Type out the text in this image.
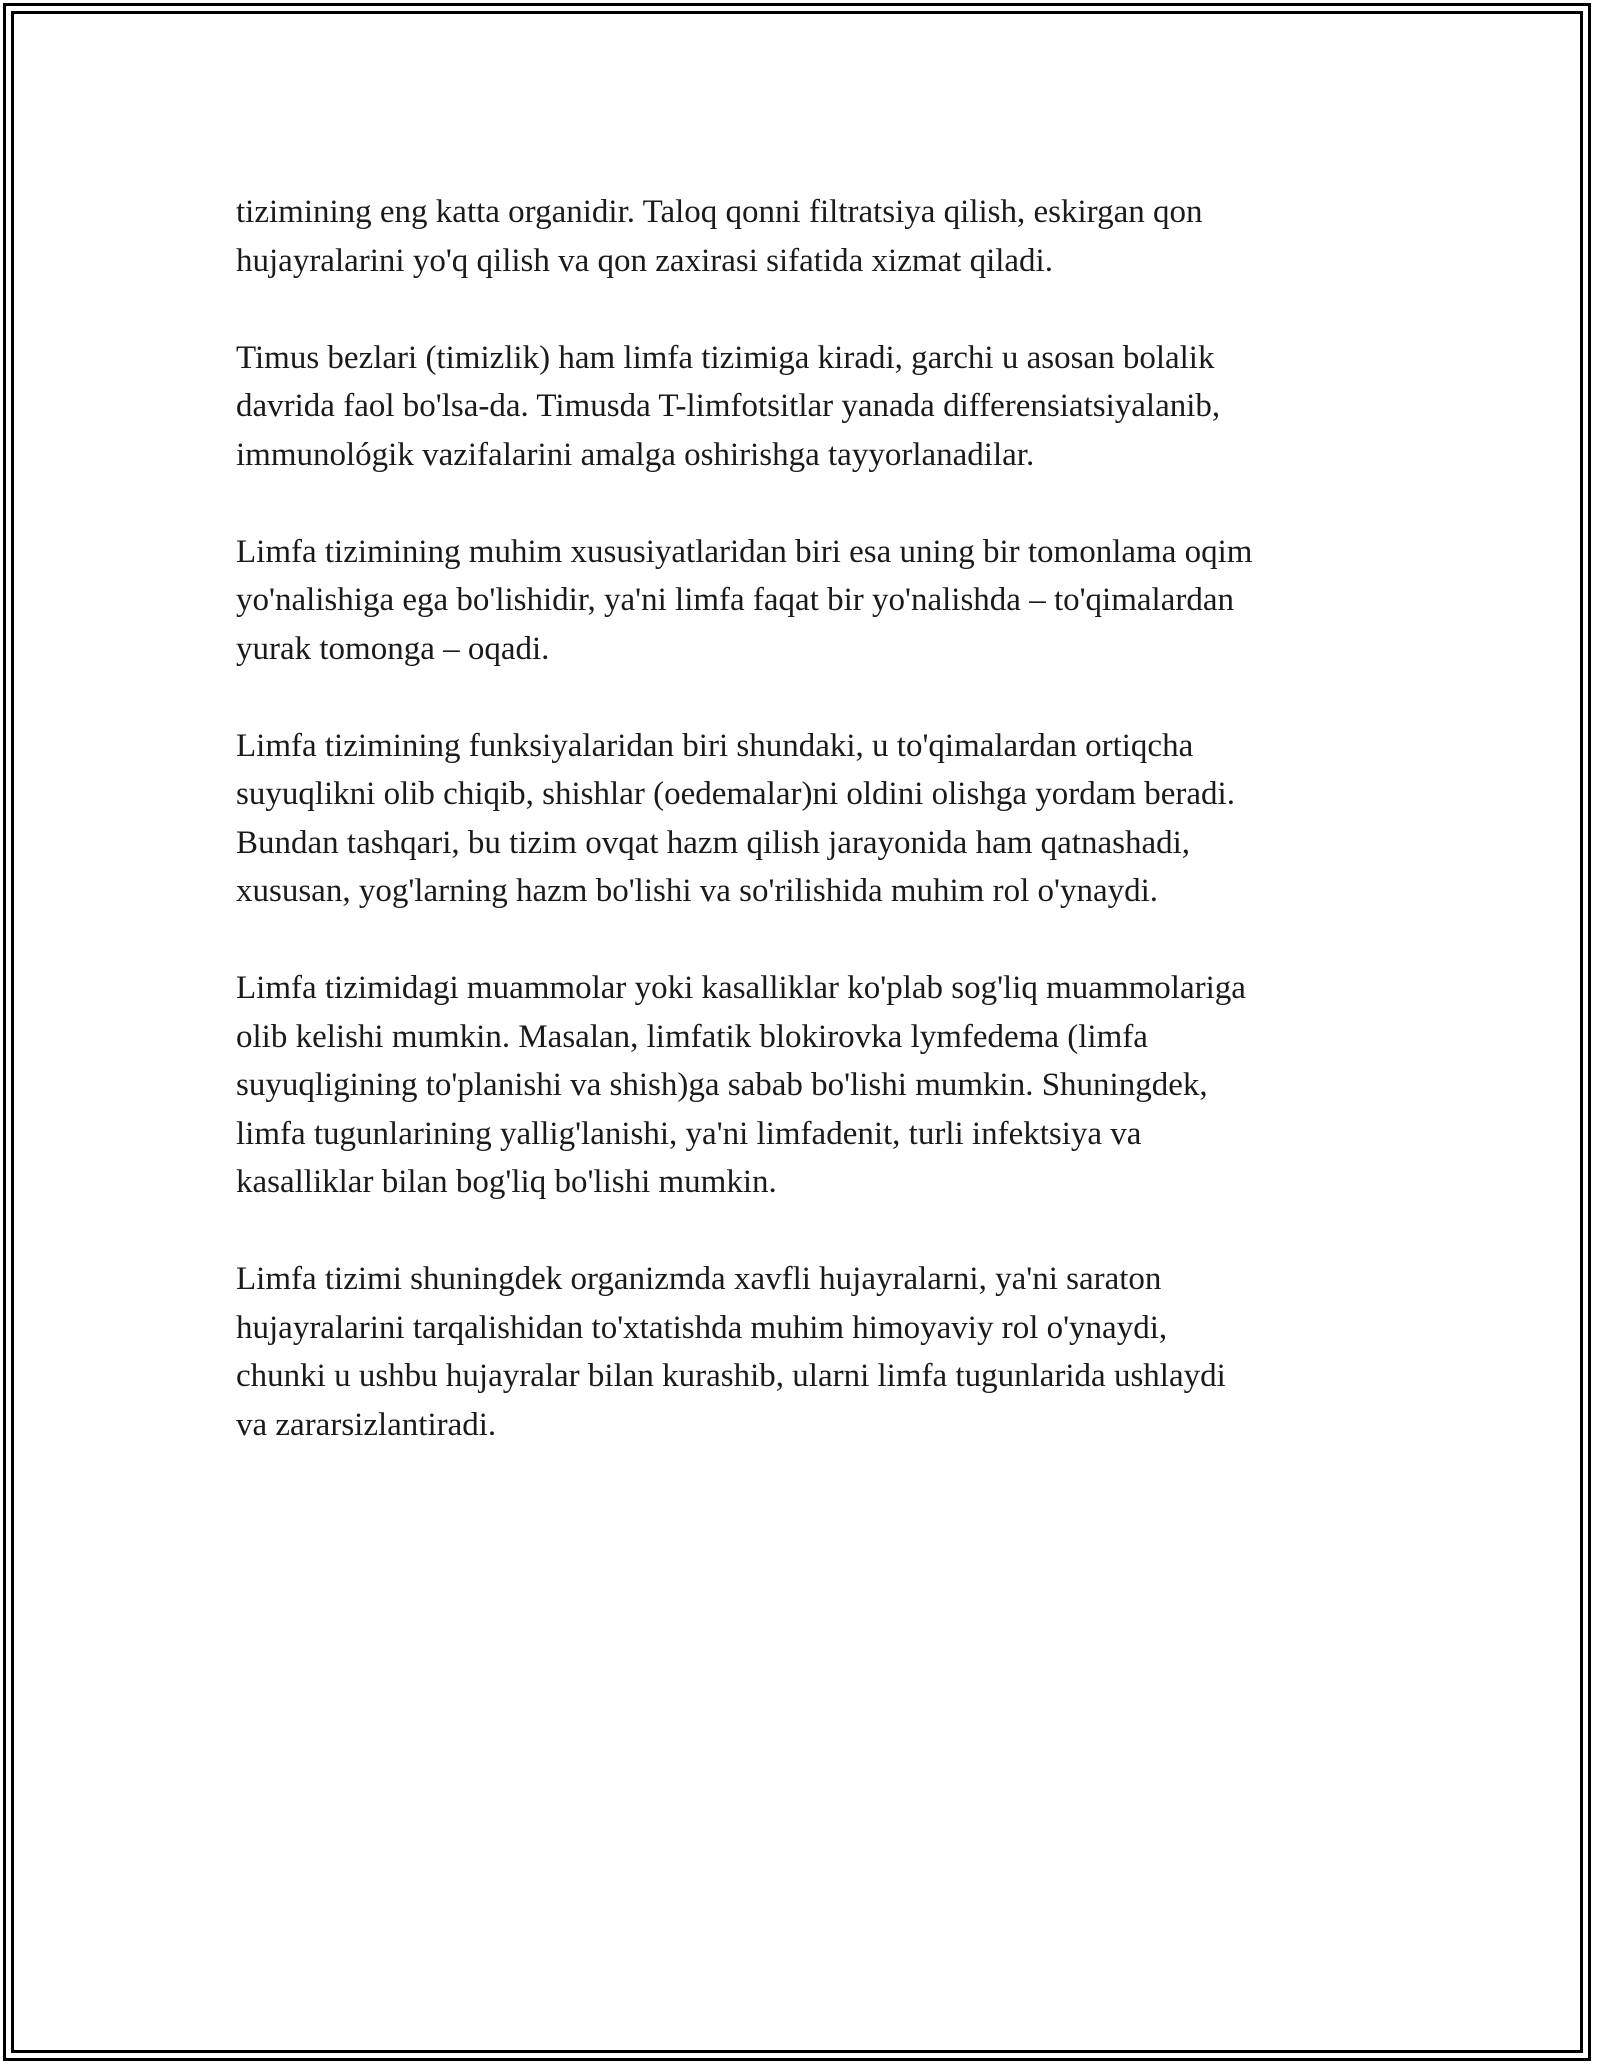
tizimining eng katta organidir. Taloq qonni filtratsiya qilish, eskirgan qon
hujayralarini yo'q qilish va qon zaxirasi sifatida xizmat qiladi.

Timus bezlari (timizlik) ham limfa tizimiga kiradi, garchi u asosan bolalik
davrida faol bo'lsa-da. Timusda T-limfotsitlar yanada differensiatsiyalanib,
immunológik vazifalarini amalga oshirishga tayyorlanadilar.

Limfa tizimining muhim xususiyatlaridan biri esa uning bir tomonlama oqim
yo'nalishiga ega bo'lishidir, ya'ni limfa faqat bir yo'nalishda – to'qimalardan
yurak tomonga – oqadi.

Limfa tizimining funksiyalaridan biri shundaki, u to'qimalardan ortiqcha
suyuqlikni olib chiqib, shishlar (oedemalar)ni oldini olishga yordam beradi.
Bundan tashqari, bu tizim ovqat hazm qilish jarayonida ham qatnashadi,
xususan, yog'larning hazm bo'lishi va so'rilishida muhim rol o'ynaydi.

Limfa tizimidagi muammolar yoki kasalliklar ko'plab sog'liq muammolariga
olib kelishi mumkin. Masalan, limfatik blokirovka lymfedema (limfa
suyuqligining to'planishi va shish)ga sabab bo'lishi mumkin. Shuningdek,
limfa tugunlarining yallig'lanishi, ya'ni limfadenit, turli infektsiya va
kasalliklar bilan bog'liq bo'lishi mumkin.

Limfa tizimi shuningdek organizmda xavfli hujayralarni, ya'ni saraton
hujayralarini tarqalishidan to'xtatishda muhim himoyaviy rol o'ynaydi,
chunki u ushbu hujayralar bilan kurashib, ularni limfa tugunlarida ushlaydi
va zararsizlantiradi.
